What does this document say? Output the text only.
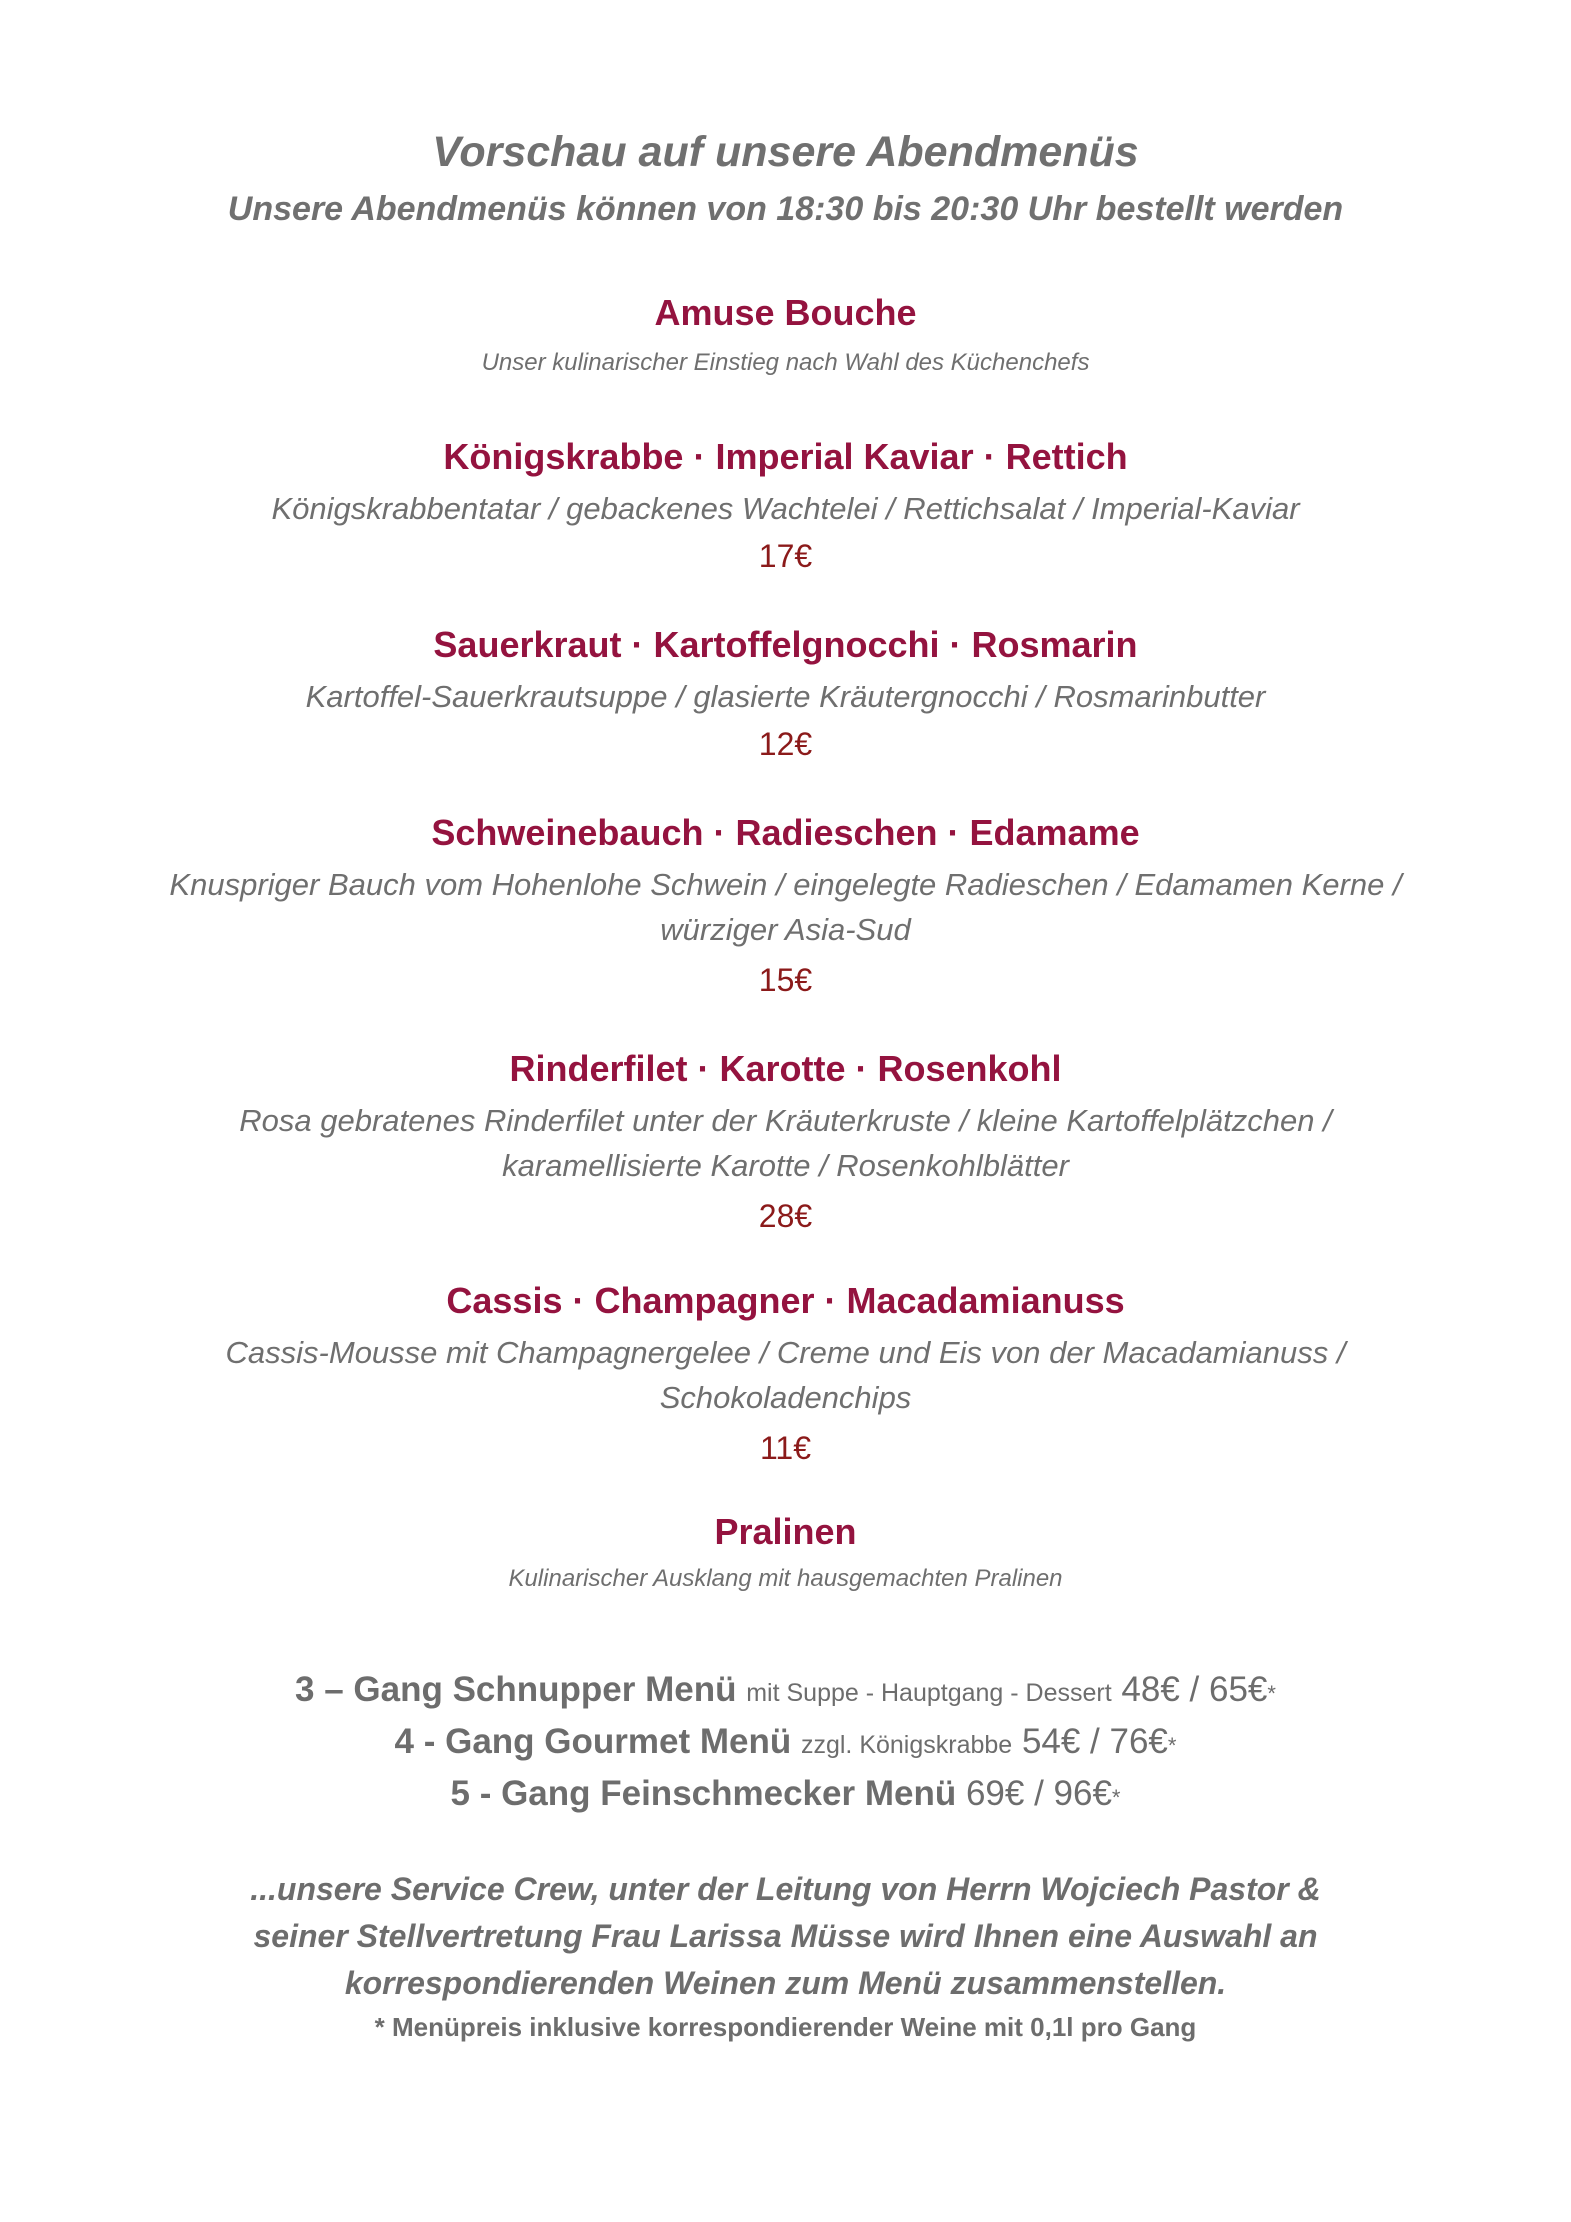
Vorschau auf unsere Abendmenüs
Unsere Abendmenüs können von 18:30 bis 20:30 Uhr bestellt werden
Amuse Bouche
Unser kulinarischer Einstieg nach Wahl des Küchenchefs
Königskrabbe · Imperial Kaviar · Rettich
Königskrabbentatar / gebackenes Wachtelei / Rettichsalat / Imperial-Kaviar
17€
Sauerkraut · Kartoffelgnocchi · Rosmarin
Kartoffel-Sauerkrautsuppe / glasierte Kräutergnocchi / Rosmarinbutter
12€
Schweinebauch · Radieschen · Edamame
Knuspriger Bauch vom Hohenlohe Schwein / eingelegte Radieschen / Edamamen Kerne /
würziger Asia-Sud
15€
Rinderfilet · Karotte · Rosenkohl
Rosa gebratenes Rinderfilet unter der Kräuterkruste / kleine Kartoffelplätzchen /
karamellisierte Karotte / Rosenkohlblätter
28€
Cassis · Champagner · Macadamianuss
Cassis-Mousse mit Champagnergelee / Creme und Eis von der Macadamianuss /
Schokoladenchips
11€
Pralinen
Kulinarischer Ausklang mit hausgemachten Pralinen
3 – Gang Schnupper Menü mit Suppe - Hauptgang - Dessert 48€ / 65€*
4 - Gang Gourmet Menü zzgl. Königskrabbe 54€ / 76€*
5 - Gang Feinschmecker Menü 69€ / 96€*
...unsere Service Crew, unter der Leitung von Herrn Wojciech Pastor &
seiner Stellvertretung Frau Larissa Müsse wird Ihnen eine Auswahl an
korrespondierenden Weinen zum Menü zusammenstellen.
* Menüpreis inklusive korrespondierender Weine mit 0,1l pro Gang
